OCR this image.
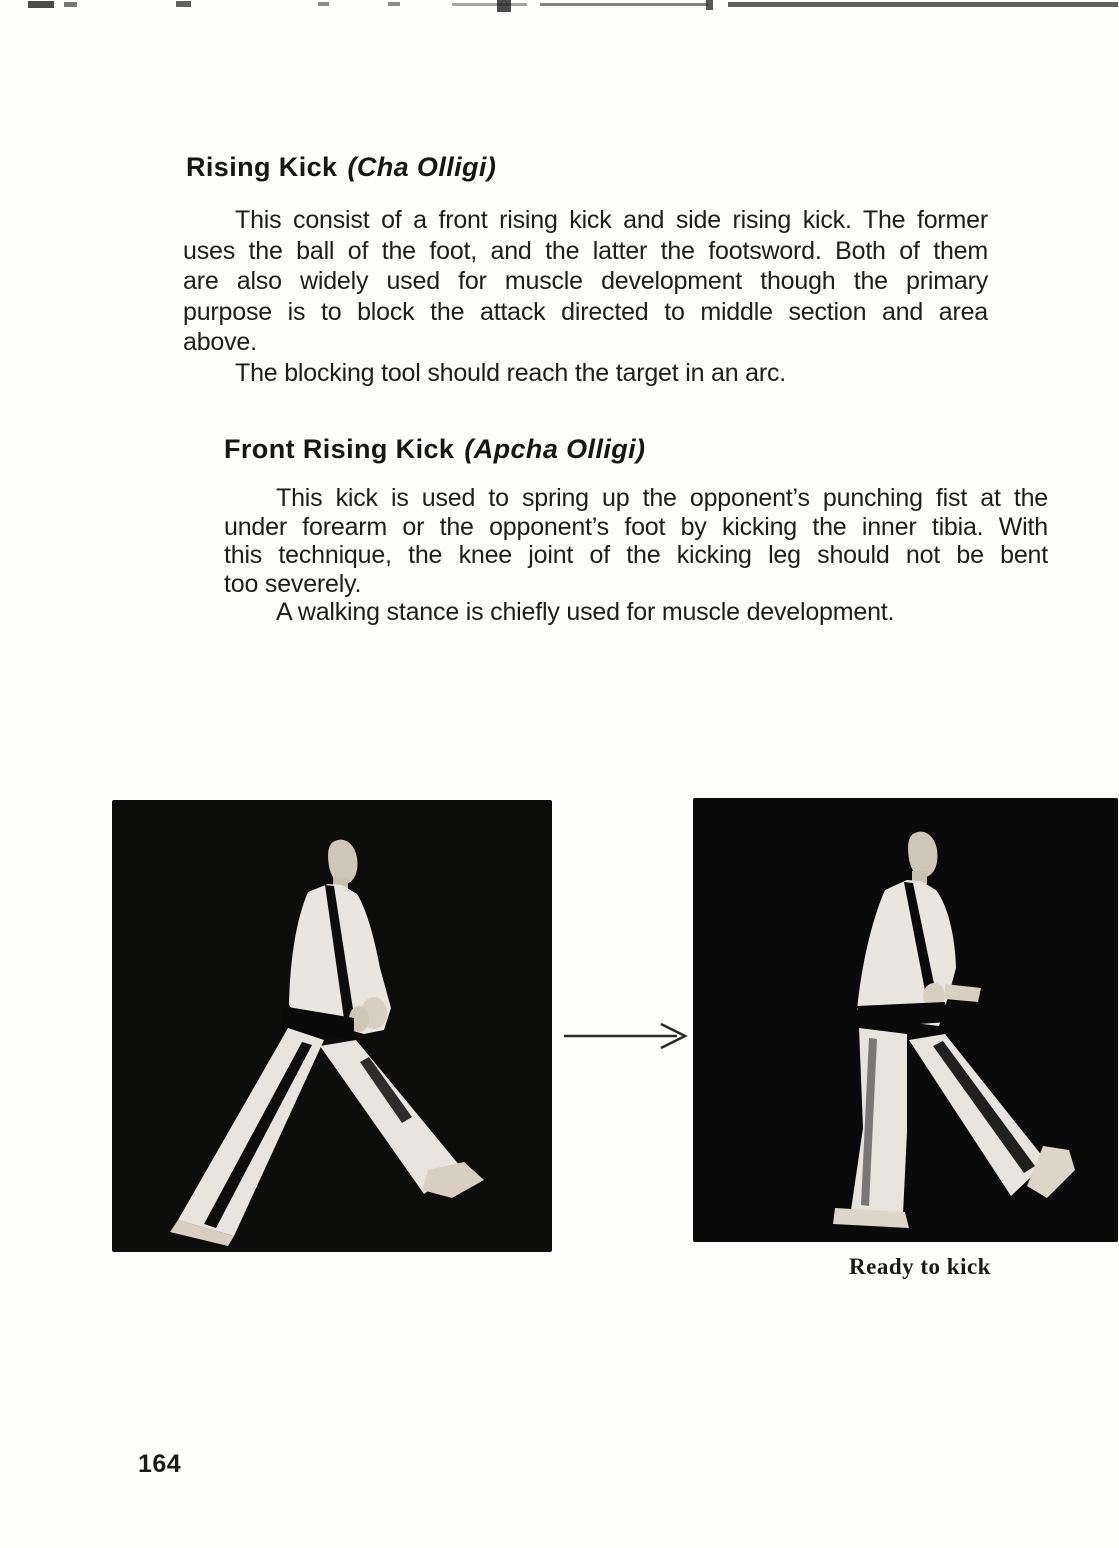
Rising Kick (Cha Olligi)
This consist of a front rising kick and side rising kick. The former
uses the ball of the foot, and the latter the footsword. Both of them
are also widely used for muscle development though the primary
purpose is to block the attack directed to middle section and area
above.
The blocking tool should reach the target in an arc.
Front Rising Kick (Apcha Olligi)
This kick is used to spring up the opponent’s punching fist at the
under forearm or the opponent’s foot by kicking the inner tibia. With
this technique, the knee joint of the kicking leg should not be bent
too severely.
A walking stance is chiefly used for muscle development.
Ready to kick
164
